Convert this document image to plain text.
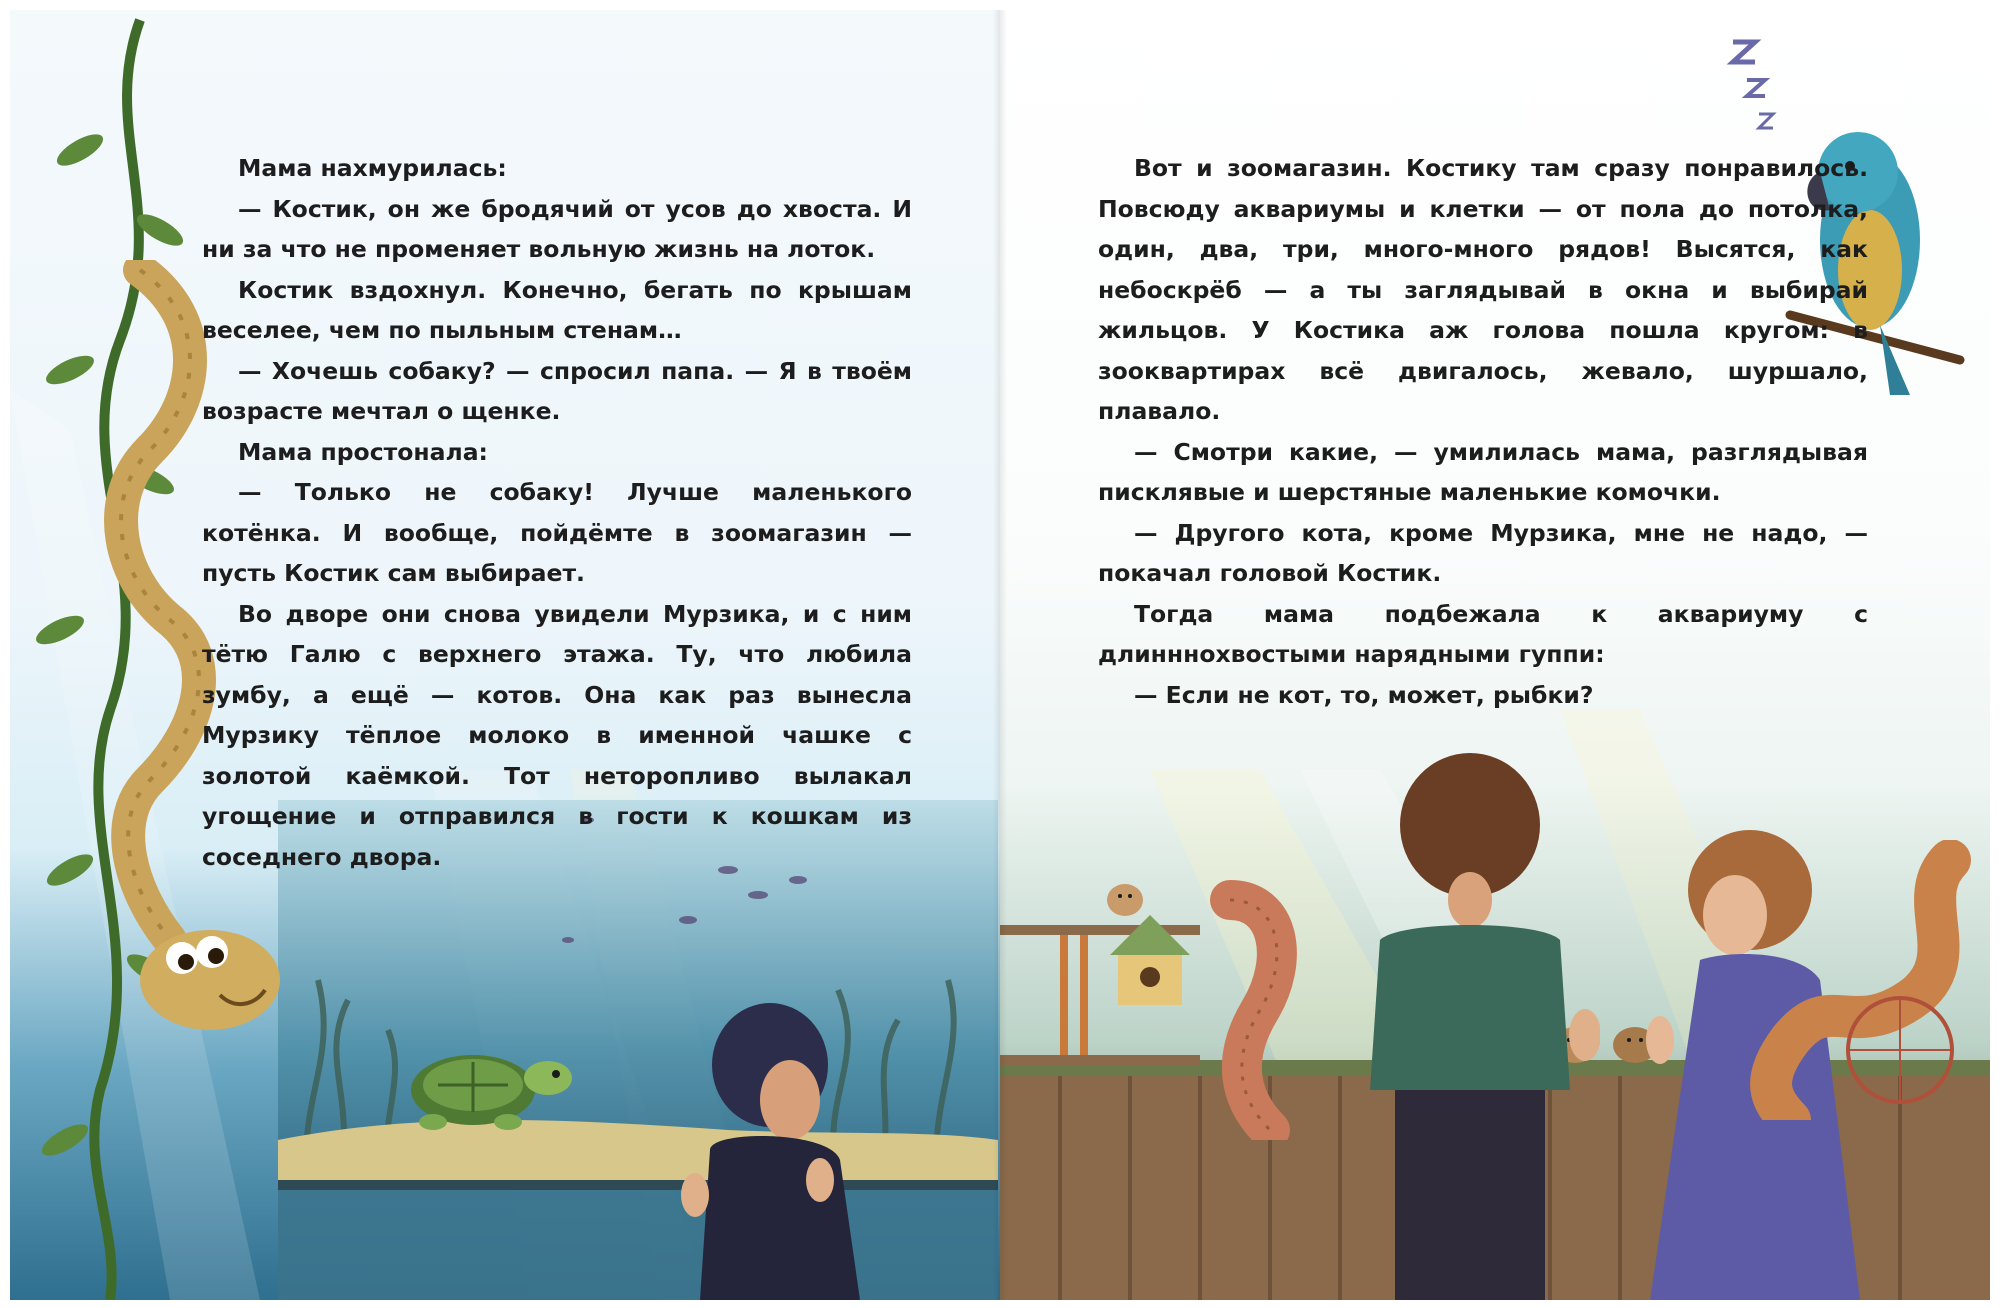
Мама нахмурилась:

— Костик, он же бродячий от усов до хвоста. И ни за что не променяет вольную жизнь на лоток.

Костик вздохнул. Конечно, бегать по крышам веселее, чем по пыльным стенам…

— Хочешь собаку? — спросил папа. — Я в твоём возрасте мечтал о щенке.

Мама простонала:

— Только не собаку! Лучше маленького котёнка. И вообще, пойдёмте в зоомагазин — пусть Костик сам выбирает.

Во дворе они снова увидели Мурзика, и с ним тётю Галю с верхнего этажа. Ту, что любила зумбу, а ещё — котов. Она как раз вынесла Мурзику тёплое молоко в именной чашке с золотой каёмкой. Тот неторопливо вылакал угощение и отправился в гости к кошкам из соседнего двора.

Вот и зоомагазин. Костику там сразу понравилось. Повсюду аквариумы и клетки — от пола до потолка, один, два, три, много-много рядов! Высятся, как небоскрёб — а ты заглядывай в окна и выбирай жильцов. У Костика аж голова пошла кругом: в зооквартирах всё двигалось, жевало, шуршало, плавало.

— Смотри какие, — умилилась мама, разглядывая писклявые и шерстяные маленькие комочки.

— Другого кота, кроме Мурзика, мне не надо, — покачал головой Костик.

Тогда мама подбежала к аквариуму с длинннохвостыми нарядными гуппи:

— Если не кот, то, может, рыбки?
